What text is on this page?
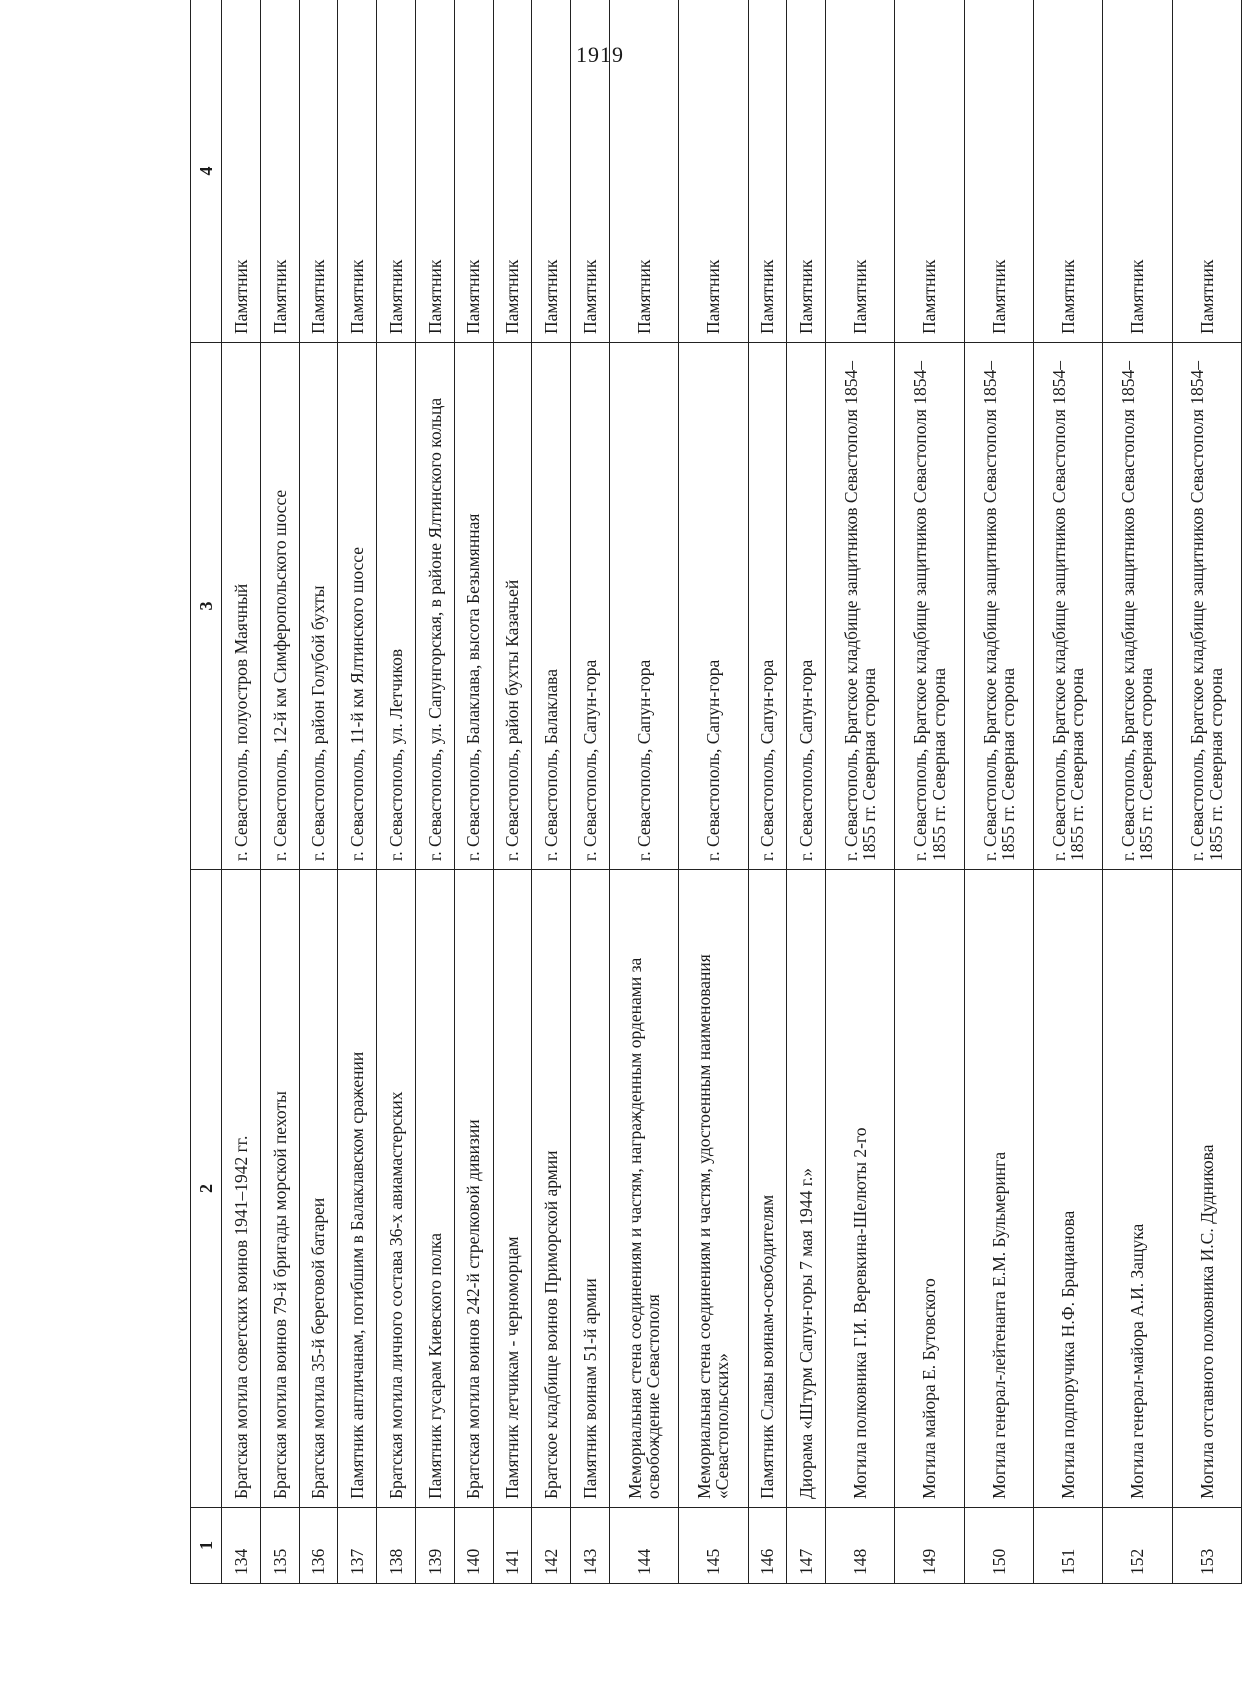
1919
1	2	3	4
134	Братская могила советских воинов 1941–1942 гг.	г. Севастополь, полуостров Маячный	Памятник
135	Братская могила воинов 79-й бригады морской пехоты	г. Севастополь, 12-й км Симферопольского шоссе	Памятник
136	Братская могила 35-й береговой батареи	г. Севастополь, район Голубой бухты	Памятник
137	Памятник англичанам, погибшим в Балаклавском сражении	г. Севастополь, 11-й км Ялтинского шоссе	Памятник
138	Братская могила личного состава 36-х авиамастерских	г. Севастополь, ул. Летчиков	Памятник
139	Памятник гусарам Киевского полка	г. Севастополь, ул. Сапунгорская, в районе Ялтинского кольца	Памятник
140	Братская могила воинов 242-й стрелковой дивизии	г. Севастополь, Балаклава, высота Безымянная	Памятник
141	Памятник летчикам - черноморцам	г. Севастополь, район бухты Казачьей	Памятник
142	Братское кладбище воинов Приморской армии	г. Севастополь, Балаклава	Памятник
143	Памятник воинам 51-й армии	г. Севастополь, Сапун-гора	Памятник
144	Мемориальная стена соединениям и частям, награжденным орденами за освобождение Севастополя	г. Севастополь, Сапун-гора	Памятник
145	Мемориальная стена соединениям и частям, удостоенным наименования «Севастопольских»	г. Севастополь, Сапун-гора	Памятник
146	Памятник Славы воинам-освободителям	г. Севастополь, Сапун-гора	Памятник
147	Диорама «Штурм Сапун-горы 7 мая 1944 г.»	г. Севастополь, Сапун-гора	Памятник
148	Могила полковника Г.И. Веревкина-Шелюты 2-го	г. Севастополь, Братское кладбище защитников Севастополя 1854–1855 гг. Северная сторона	Памятник
149	Могила майора Е. Бутовского	г. Севастополь, Братское кладбище защитников Севастополя 1854–1855 гг. Северная сторона	Памятник
150	Могила генерал-лейтенанта Е.М. Бульмеринга	г. Севастополь, Братское кладбище защитников Севастополя 1854–1855 гг. Северная сторона	Памятник
151	Могила подпоручика Н.Ф. Брацианова	г. Севастополь, Братское кладбище защитников Севастополя 1854–1855 гг. Северная сторона	Памятник
152	Могила генерал-майора А.И. Защука	г. Севастополь, Братское кладбище защитников Севастополя 1854–1855 гг. Северная сторона	Памятник
153	Могила отставного полковника И.С. Дудникова	г. Севастополь, Братское кладбище защитников Севастополя 1854–1855 гг. Северная сторона	Памятник
